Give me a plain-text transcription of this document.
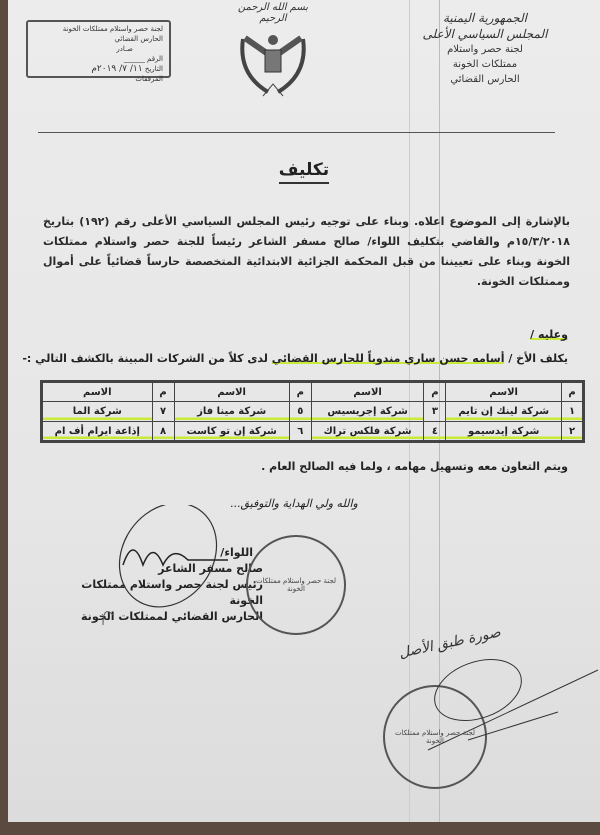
الجمهورية اليمنية
المجلس السياسي الأعلى
لجنة حصر واستلام
ممتلكات الخونة
الحارس القضائي
بسم الله الرحمن الرحيم
لجنة حصر واستلام ممتلكات الخونة
الحارس القضائي
صـادر
الرقم ______
التاريخ ١١/ ٧/ ٢٠١٩م
المرفقات
تكليف
بالإشارة إلى الموضوع اعلاه. وبناء على توجيه رئيس المجلس السياسي الأعلى رقم (١٩٢) بتاريخ ١٥/٣/٢٠١٨م والقاضي بتكليف اللواء/ صالح مسفر الشاعر رئيساً للجنة حصر واستلام ممتلكات الخونة وبناء على تعييننا من قبل المحكمة الجزائية الابتدائية المتخصصة حارساً قضائياً على أموال وممتلكات الخونة.
وعليه /
يكلف الأخ / أسامه حسن ساري مندوباً للحارس القضائي لدى كلاً من الشركات المبينة بالكشف التالي :-
م	الاسم	م	الاسم	م	الاسم	م	الاسم
١	شركة لينك إن تايم	٣	شركة إجريسيس	٥	شركة مينا فاز	٧	شركة الما
٢	شركة إيدسيمو	٤	شركة فلكس تراك	٦	شركة إن تو كاست	٨	إذاعة ايرام أف ام
ويتم التعاون معه وتسهيل مهامه ، ولما فيه الصالح العام .
والله ولي الهداية والتوفيق...
اللواء/
صالح مسفر الشاعر
رئيس لجنة حصر واستلام ممتلكات الخونة
الحارس القضائي لممتلكات الخونة
لجنة حصر واستلام ممتلكات الخونة
صورة طبق الأصل
لجنة حصر واستلام ممتلكات الخونة
